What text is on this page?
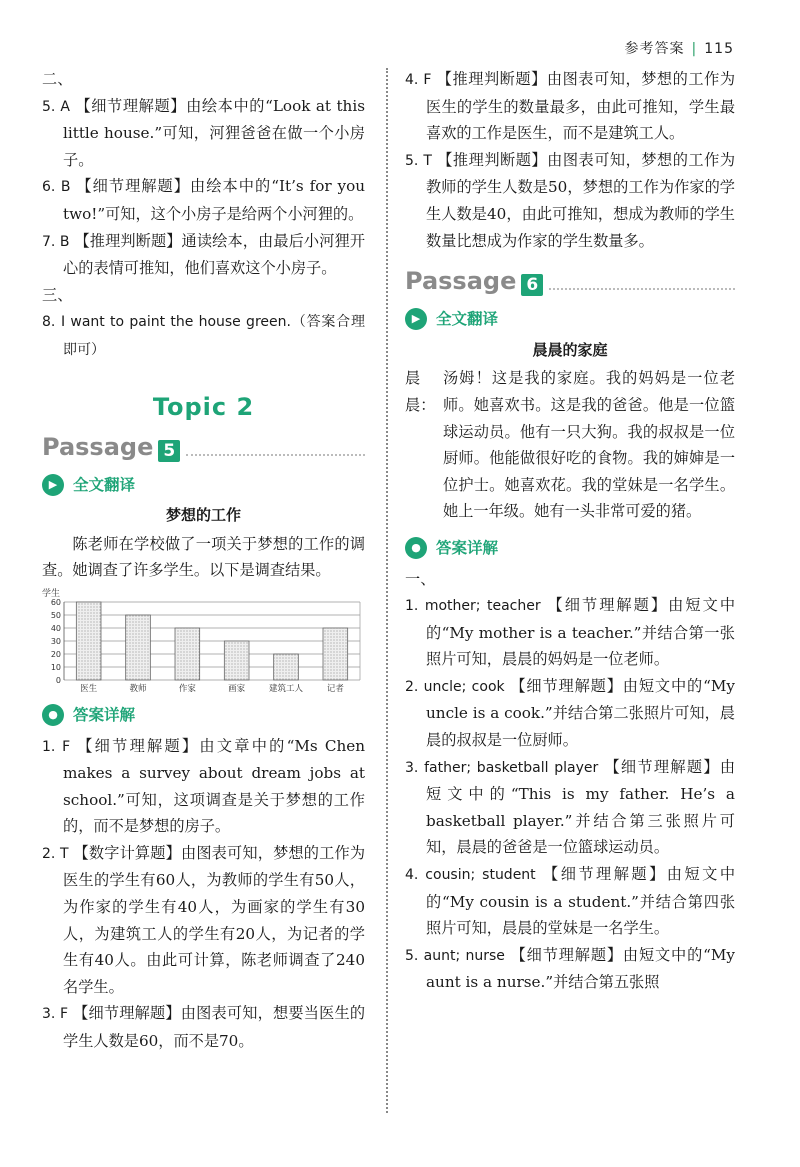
参考答案 | 115

二、

5. A 【细节理解题】由绘本中的“Look at this little house.”可知，河狸爸爸在做一个小房子。

6. B 【细节理解题】由绘本中的“It’s for you two!”可知，这个小房子是给两个小河狸的。

7. B 【推理判断题】通读绘本，由最后小河狸开心的表情可推知，他们喜欢这个小房子。

三、

8. I want to paint the house green.（答案合理即可）

Topic 2
Passage 5
▶	全文翻译

梦想的工作

陈老师在学校做了一项关于梦想的工作的调查。她调查了许多学生。以下是调查结果。

学生
0
10
20
30
40
50
60
医生	教师	作家	画家	建筑工人	记者
● 答案详解

1. F 【细节理解题】由文章中的“Ms Chen makes a survey about dream jobs at school.”可知，这项调查是关于梦想的工作的，而不是梦想的房子。

2. T 【数字计算题】由图表可知，梦想的工作为医生的学生有60人，为教师的学生有50人，为作家的学生有40人，为画家的学生有30人，为建筑工人的学生有20人，为记者的学生有40人。由此可计算，陈老师调查了240名学生。

3. F 【细节理解题】由图表可知，想要当医生的学生人数是60，而不是70。

4. F 【推理判断题】由图表可知，梦想的工作为医生的学生的数量最多，由此可推知，学生最喜欢的工作是医生，而不是建筑工人。

5. T 【推理判断题】由图表可知，梦想的工作为教师的学生人数是50，梦想的工作为作家的学生人数是40，由此可推知，想成为教师的学生数量比想成为作家的学生数量多。

Passage 6
▶	全文翻译

晨晨的家庭

晨晨：
汤姆！这是我的家庭。我的妈妈是一位老师。她喜欢书。这是我的爸爸。他是一位篮球运动员。他有一只大狗。我的叔叔是一位厨师。他能做很好吃的食物。我的婶婶是一位护士。她喜欢花。我的堂妹是一名学生。她上一年级。她有一头非常可爱的猪。
● 答案详解

一、

1. mother; teacher 【细节理解题】由短文中的“My mother is a teacher.”并结合第一张照片可知，晨晨的妈妈是一位老师。

2. uncle; cook 【细节理解题】由短文中的“My uncle is a cook.”并结合第二张照片可知，晨晨的叔叔是一位厨师。

3. father; basketball player 【细节理解题】由短文中的“This is my father. He’s a basketball player.”并结合第三张照片可知，晨晨的爸爸是一位篮球运动员。

4. cousin; student 【细节理解题】由短文中的“My cousin is a student.”并结合第四张照片可知，晨晨的堂妹是一名学生。

5. aunt; nurse 【细节理解题】由短文中的“My aunt is a nurse.”并结合第五张照
